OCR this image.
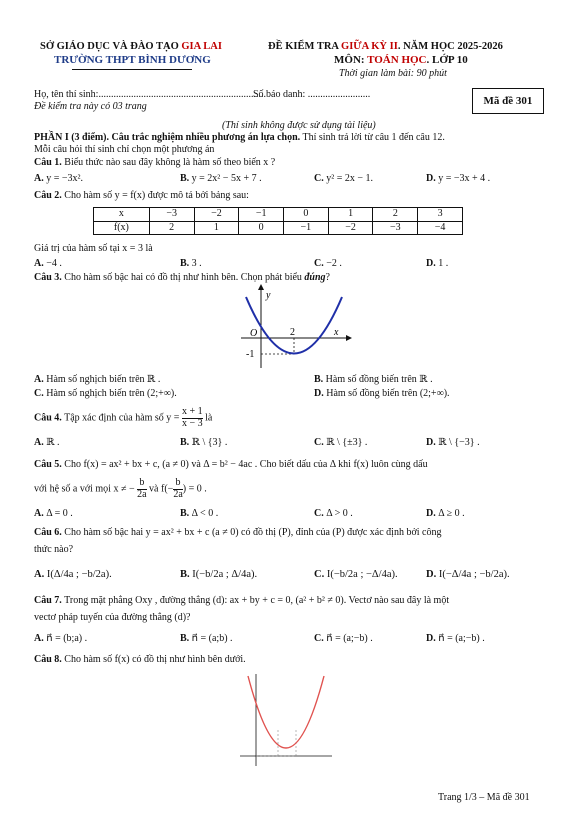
SỞ GIÁO DỤC VÀ ĐÀO TẠO GIA LAI
TRƯỜNG THPT BÌNH DƯƠNG
ĐỀ KIỂM TRA GIỮA KỲ II. NĂM HỌC 2025-2026
MÔN: TOÁN HỌC. LỚP 10
Thời gian làm bài: 90 phút
Họ, tên thí sinh:...................................................................
Số báo danh: .........................
Đề kiểm tra này có 03 trang	Mã đề 301
(Thí sinh không được sử dụng tài liệu)
PHẦN I (3 điểm). Câu trắc nghiệm nhiều phương án lựa chọn. Thí sinh trả lời từ câu 1 đến câu 12.
Mỗi câu hỏi thí sinh chỉ chọn một phương án
Câu 1. Biểu thức nào sau đây không là hàm số theo biến x ?
A. y = −3x².	B. y = 2x² − 5x + 7 .	C. y² = 2x − 1.	D. y = −3x + 4 .
Câu 2. Cho hàm số y = f(x) được mô tả bởi bảng sau:
x	−3	−2	−1	0	1	2	3
f(x)	2	1	0	−1	−2	−3	−4
Giá trị của hàm số tại x = 3 là
A. −4 .	B. 3 .	C. −2 .	D. 1 .
Câu 3. Cho hàm số bậc hai có đồ thị như hình bên. Chọn phát biểu đúng?
y
x
O	2
-1
A. Hàm số nghịch biến trên ℝ .	B. Hàm số đồng biến trên ℝ .
C. Hàm số nghịch biến trên (2;+∞).	D. Hàm số đồng biến trên (2;+∞).
Câu 4. Tập xác định của hàm số $y = \frac{x + 1}{x - 3}$ là
A. ℝ .	B. ℝ \ {3} .	C. ℝ \ {±3} .	D. ℝ \ {−3} .
Câu 5. Cho f(x) = ax² + bx + c, (a ≠ 0) và Δ = b² − 4ac . Cho biết dấu của Δ khi f(x) luôn cùng dấu
với hệ số a với mọi x ≠ − $\frac{b}{2a}$ và $f(- \frac{b}{2a}$ ) = 0 .
A. Δ = 0 .	B. Δ < 0 .	C. Δ > 0 .	D. Δ ≥ 0 .
Câu 6. Cho hàm số bậc hai y = ax² + bx + c (a ≠ 0) có đồ thị (P), đỉnh của (P) được xác định bởi công
thức nào?
A. I(Δ/4a ; −b/2a).	B. I(−b/2a ; Δ/4a).	C. I(−b/2a ; −Δ/4a).	D. I(−Δ/4a ; −b/2a).
Câu 7. Trong mặt phẳng Oxy , đường thẳng (d): ax + by + c = 0, (a² + b² ≠ 0). Vectơ nào sau đây là một
vectơ pháp tuyến của đường thẳng (d)?
A. n⃗ = (b;a) .	B. n⃗ = (a;b) .	C. n⃗ = (a;−b) .	D. n⃗ = (a;−b) .
Câu 8. Cho hàm số f(x) có đồ thị như hình bên dưới.
Trang 1/3 – Mã đề 301
